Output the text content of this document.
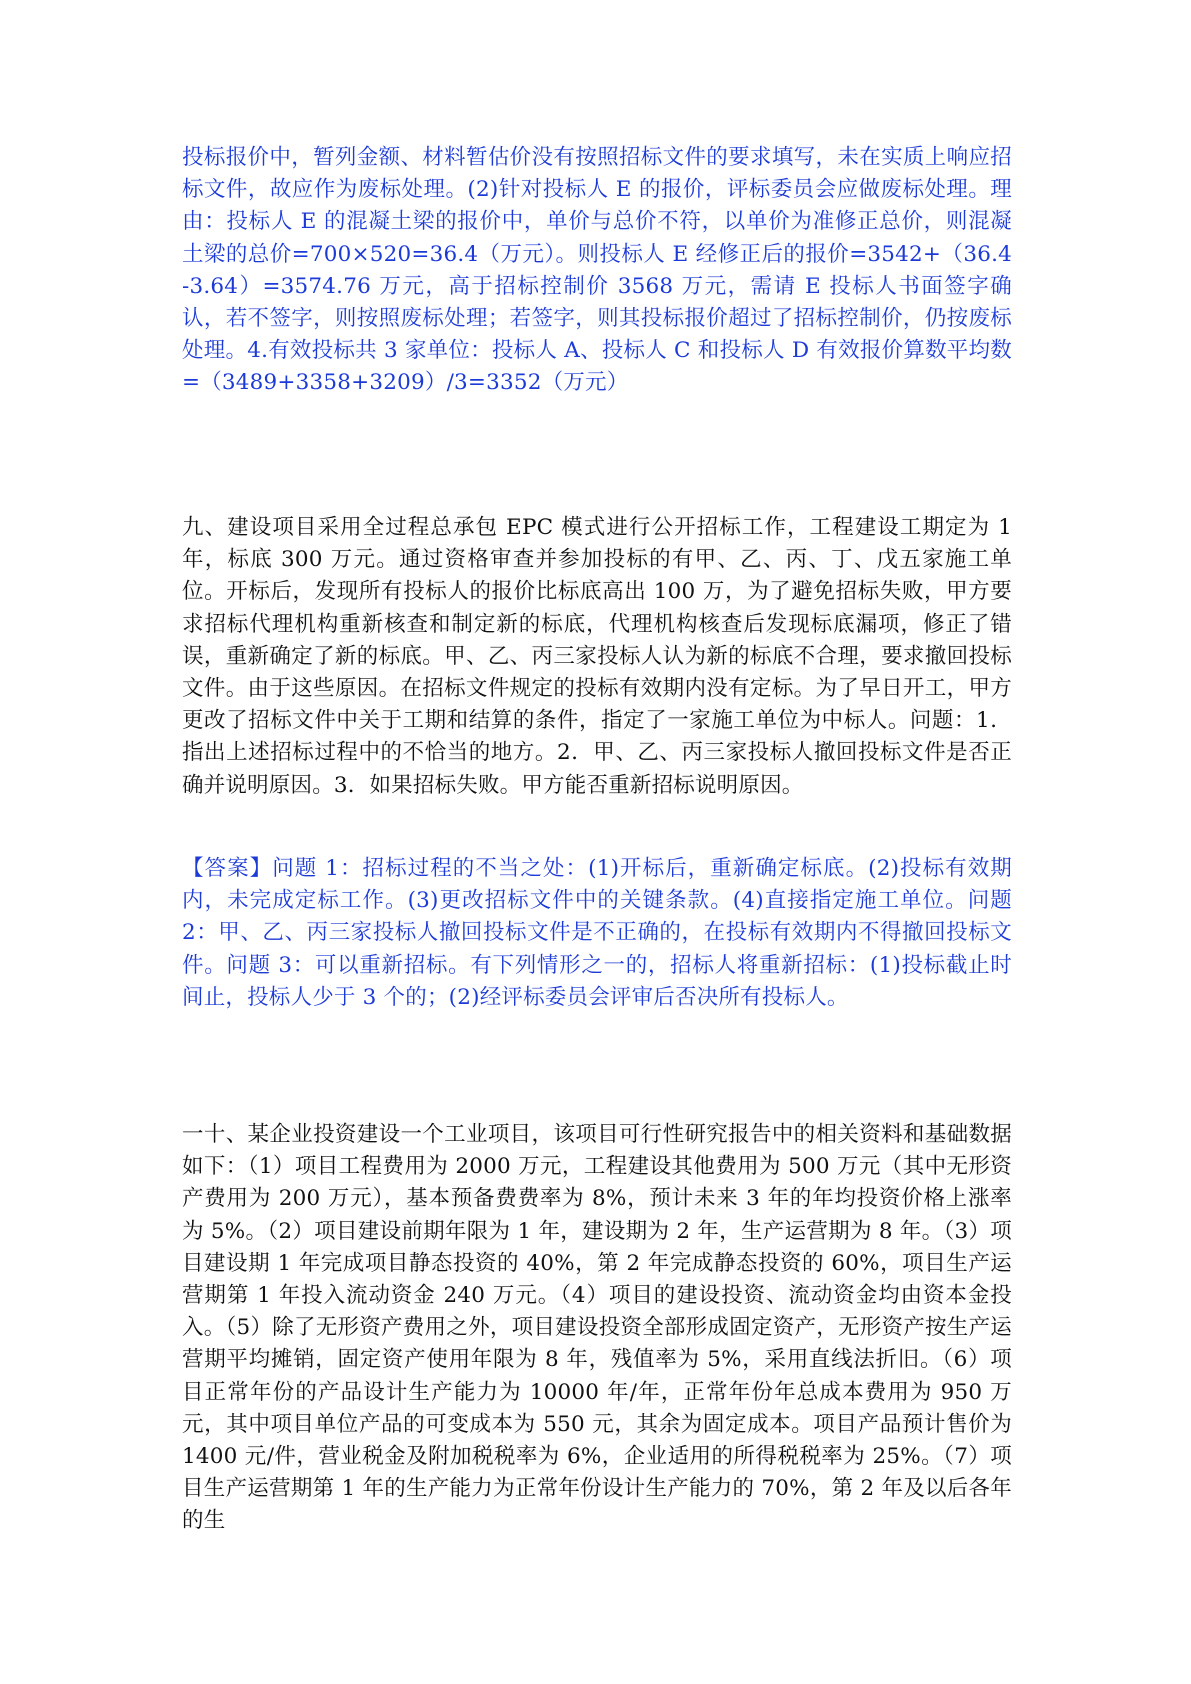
投标报价中，暂列金额、材料暂估价没有按照招标文件的要求填写，未在实质上响应招标文件，故应作为废标处理。(2)针对投标人 E 的报价，评标委员会应做废标处理。理由：投标人 E 的混凝土梁的报价中，单价与总价不符，以单价为准修正总价，则混凝土梁的总价=700×520=36.4（万元）。则投标人 E 经修正后的报价=3542+（36.4-3.64）=3574.76 万元，高于招标控制价 3568 万元，需请 E 投标人书面签字确认，若不签字，则按照废标处理；若签字，则其投标报价超过了招标控制价，仍按废标处理。4.有效投标共 3 家单位：投标人 A、投标人 C 和投标人 D 有效报价算数平均数=（3489+3358+3209）/3=3352（万元）

九、建设项目采用全过程总承包 EPC 模式进行公开招标工作，工程建设工期定为 1 年，标底 300 万元。通过资格审查并参加投标的有甲、乙、丙、丁、戊五家施工单位。开标后，发现所有投标人的报价比标底高出 100 万，为了避免招标失败，甲方要求招标代理机构重新核查和制定新的标底，代理机构核查后发现标底漏项，修正了错误，重新确定了新的标底。甲、乙、丙三家投标人认为新的标底不合理，要求撤回投标文件。由于这些原因。在招标文件规定的投标有效期内没有定标。为了早日开工，甲方更改了招标文件中关于工期和结算的条件，指定了一家施工单位为中标人。问题：1．指出上述招标过程中的不恰当的地方。2．甲、乙、丙三家投标人撤回投标文件是否正确并说明原因。3．如果招标失败。甲方能否重新招标说明原因。

【答案】问题 1：招标过程的不当之处：(1)开标后，重新确定标底。(2)投标有效期内，未完成定标工作。(3)更改招标文件中的关键条款。(4)直接指定施工单位。问题 2：甲、乙、丙三家投标人撤回投标文件是不正确的，在投标有效期内不得撤回投标文件。问题 3：可以重新招标。有下列情形之一的，招标人将重新招标：(1)投标截止时间止，投标人少于 3 个的；(2)经评标委员会评审后否决所有投标人。

一十、某企业投资建设一个工业项目，该项目可行性研究报告中的相关资料和基础数据如下：（1）项目工程费用为 2000 万元，工程建设其他费用为 500 万元（其中无形资产费用为 200 万元），基本预备费费率为 8%，预计未来 3 年的年均投资价格上涨率为 5%。（2）项目建设前期年限为 1 年，建设期为 2 年，生产运营期为 8 年。（3）项目建设期 1 年完成项目静态投资的 40%，第 2 年完成静态投资的 60%，项目生产运营期第 1 年投入流动资金 240 万元。（4）项目的建设投资、流动资金均由资本金投入。（5）除了无形资产费用之外，项目建设投资全部形成固定资产，无形资产按生产运营期平均摊销，固定资产使用年限为 8 年，残值率为 5%，采用直线法折旧。（6）项目正常年份的产品设计生产能力为 10000 年/年，正常年份年总成本费用为 950 万元，其中项目单位产品的可变成本为 550 元，其余为固定成本。项目产品预计售价为 1400 元/件，营业税金及附加税税率为 6%，企业适用的所得税税率为 25%。（7）项目生产运营期第 1 年的生产能力为正常年份设计生产能力的 70%，第 2 年及以后各年的生
